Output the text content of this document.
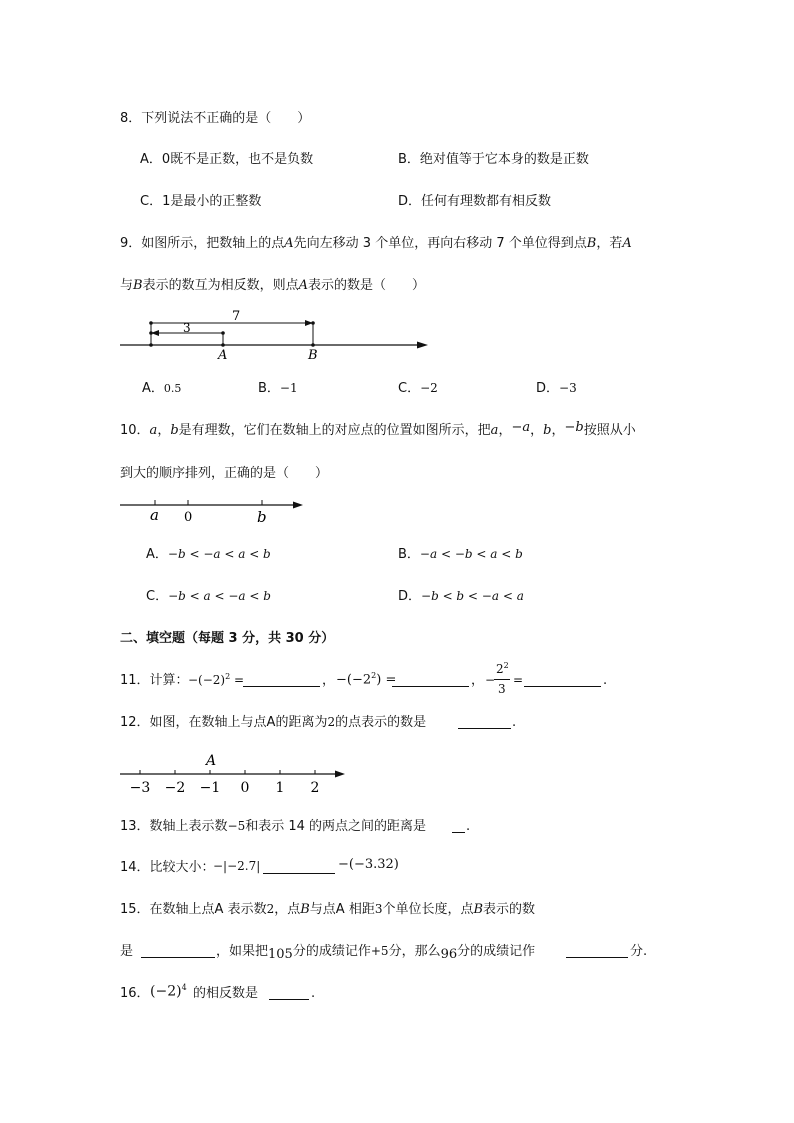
8．下列说法不正确的是（　　）
A．0既不是正数，也不是负数	B．绝对值等于它本身的数是正数
C．1是最小的正整数	D．任何有理数都有相反数
9．如图所示，把数轴上的点A先向左移动 3 个单位，再向右移动 7 个单位得到点B，若A
与B表示的数互为相反数，则点A表示的数是（　　）
7
3
A	B
A．0.5	B．−1	C．−2	D．−3
10．a，b是有理数，它们在数轴上的对应点的位置如图所示，把a，−a，b，−b按照从小
到大的顺序排列，正确的是（　　）
a 0	b
A．−b < −a < a < b	B．−a < −b < a < b
C．−b < a < −a < b	D．−b < b < −a < a
二、填空题（每题 3 分，共 30 分）
11．计算： $-(-2)^2$ =	， $-(-2^2)$ =	， −
$2^2$
3
=	.
12．如图，在数轴上与点A的距离为2的点表示的数是	.
−3 −2 −1 0 1 2
A
13．数轴上表示数−5和表示 14 的两点之间的距离是	.
14．比较大小：
−|−2.7|	−(−3.32)
15．在数轴上点A 表示数2，点B与点A 相距3个单位长度，点B表示的数
是	，如果把105分的成绩记作+5分，那么96分的成绩记作	分.
16． $(-2)^4$ 的相反数是	.
